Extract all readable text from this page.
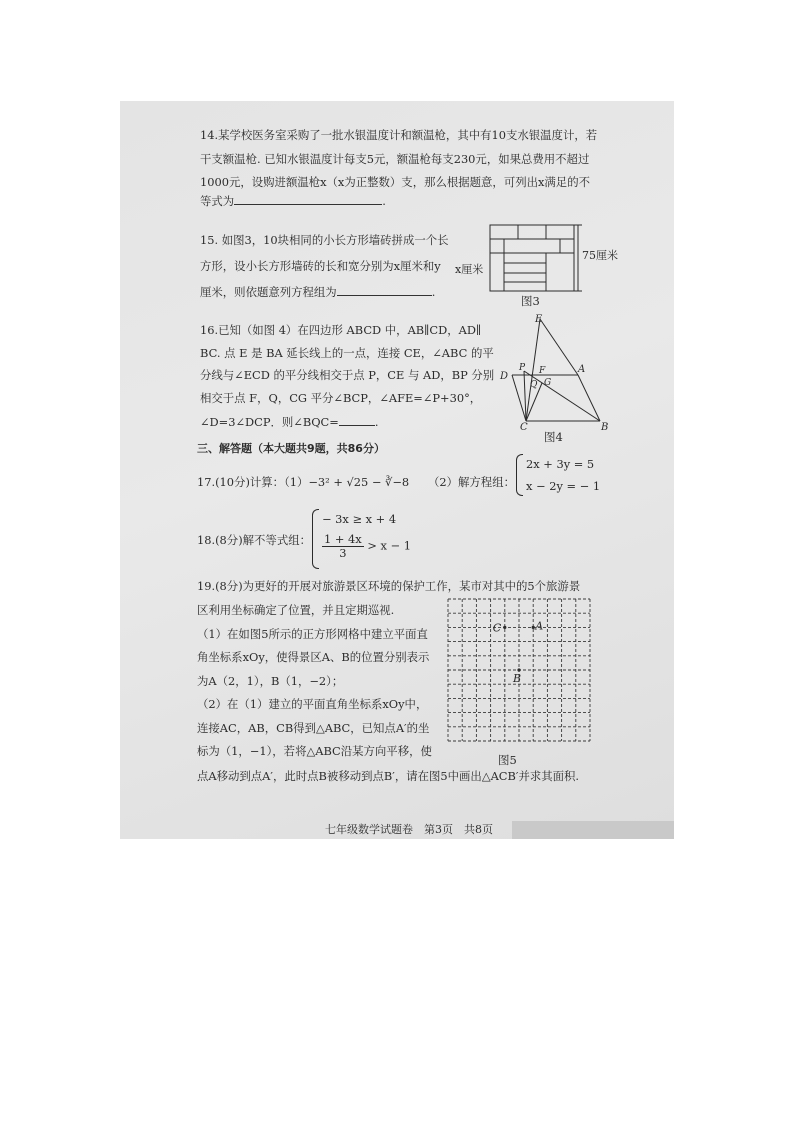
14.某学校医务室采购了一批水银温度计和额温枪，其中有10支水银温度计，若
干支额温枪. 已知水银温度计每支5元，额温枪每支230元，如果总费用不超过
1000元，设购进额温枪x（x为正整数）支，那么根据题意，可列出x满足的不
等式为	.
15. 如图3，10块相同的小长方形墙砖拼成一个长
方形，设小长方形墙砖的长和宽分别为x厘米和y
厘米，则依题意列方程组为	.
75厘米
x厘米
图3
16.已知（如图 4）在四边形 ABCD 中，AB∥CD，AD∥
BC. 点 E 是 BA 延长线上的一点，连接 CE，∠ABC 的平
分线与∠ECD 的平分线相交于点 P，CE 与 AD，BP 分别
相交于点 F，Q，CG 平分∠BCP，∠AFE=∠P+30°，
∠D=3∠DCP．则∠BQC=	.
E
P
D	F	A
G
Q
C	B
图4
三、解答题（本大题共9题，共86分）
17.(10分)计算：（1）−3² + √25 − ∛−8 （2）解方程组：
2x + 3y = 5
x − 2y = − 1
18.(8分)解不等式组：
− 3x ≥ x + 4
$\frac{1 + 4x}{3} > x - 1$
19.(8分)为更好的开展对旅游景区环境的保护工作，某市对其中的5个旅游景
区利用坐标确定了位置，并且定期巡视.
（1）在如图5所示的正方形网格中建立平面直
角坐标系xOy，使得景区A、B的位置分别表示
为A（2，1），B（1，−2）；
（2）在（1）建立的平面直角坐标系xOy中，
连接AC，AB，CB得到△ABC，已知点A′的坐
标为（1，−1），若将△ABC沿某方向平移，使
点A移动到点A′，此时点B被移动到点B′，请在图5中画出△ACB′并求其面积.
C	A
B
图5
七年级数学试题卷　第3页　共8页
